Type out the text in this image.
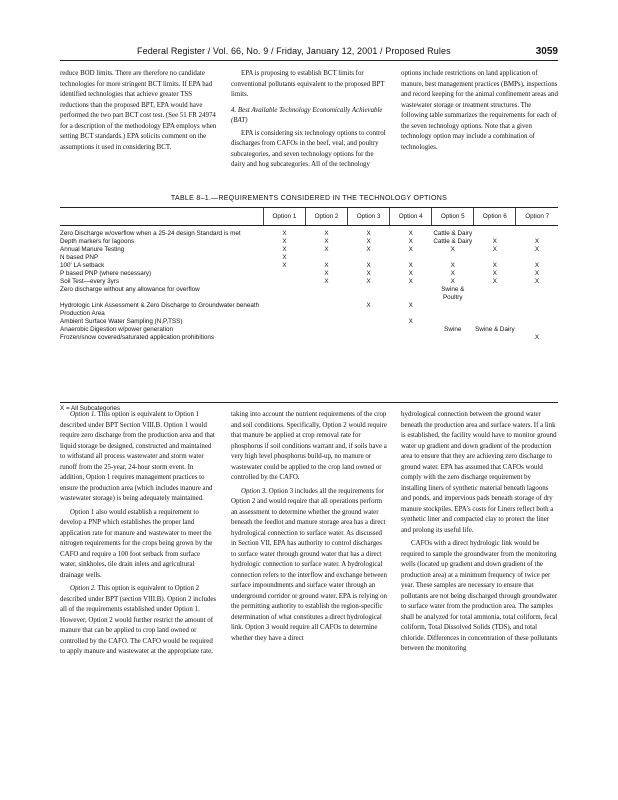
Federal Register / Vol. 66, No. 9 / Friday, January 12, 2001 / Proposed Rules	3059

reduce BOD limits. There are therefore no candidate technologies for more stringent BCT limits. If EPA had identified technologies that achieve greater TSS reductions than the proposed BPT, EPA would have performed the two part BCT cost test. (See 51 FR 24974 for a description of the methodology EPA employs when setting BCT standards.) EPA solicits comment on the assumptions it used in considering BCT.

EPA is proposing to establish BCT limits for conventional pollutants equivalent to the proposed BPT limits.

4. Best Available Technology Economically Achievable (BAT)

EPA is considering six technology options to control discharges from CAFOs in the beef, veal, and poultry subcategories, and seven technology options for the dairy and hog subcategories. All of the technology

options include restrictions on land application of manure, best management practices (BMPs), inspections and record keeping for the animal confinement areas and wastewater storage or treatment structures. The following table summarizes the requirements for each of the seven technology options. Note that a given technology option may include a combination of technologies.

TABLE 8–1.—REQUIREMENTS CONSIDERED IN THE TECHNOLOGY OPTIONS
	Option 1	Option 2	Option 3	Option 4	Option 5	Option 6	Option 7

Zero Discharge w/overflow when a 25-24 design Standard is met	X	X	X	X	Cattle & Dairy		
Depth markers for lagoons	X	X	X	X	Cattle & Dairy	X	X
Annual Manure Testing	X	X	X	X	X	X	X
N based PNP	X						
100' LA setback	X	X	X	X	X	X	X
P based PNP (where necessary)		X	X	X	X	X	X
Soil Test—every 3yrs		X	X	X	X	X	X
Zero discharge without any allowance for overflow					Swine & Poultry		
Hydrologic Link Assessment & Zero Discharge to Groundwater beneath Production Area			X	X			
Ambient Surface Water Sampling (N,P,TSS)				X			
Anaerobic Digestion w/power generation					Swine	Swine & Dairy	
Frozen/snow covered/saturated application prohibitions							X
X = All Subcategories

Option 1. This option is equivalent to Option 1 described under BPT Section VIII.B. Option 1 would require zero discharge from the production area and that liquid storage be designed, constructed and maintained to withstand all process wastewater and storm water runoff from the 25-year, 24-hour storm event. In addition, Option 1 requires management practices to ensure the production area (which includes manure and wastewater storage) is being adequately maintained.

Option 1 also would establish a requirement to develop a PNP which establishes the proper land application rate for manure and wastewater to meet the nitrogen requirements for the crops being grown by the CAFO and require a 100 foot setback from surface water, sinkholes, tile drain inlets and agricultural drainage wells.

Option 2. This option is equivalent to Option 2 described under BPT (section VIII.B). Option 2 includes all of the requirements established under Option 1. However, Option 2 would further restrict the amount of manure that can be applied to crop land owned or controlled by the CAFO. The CAFO would be required to apply manure and wastewater at the appropriate rate,

taking into account the nutrient requirements of the crop and soil conditions. Specifically, Option 2 would require that manure be applied at crop removal rate for phosphorus if soil conditions warrant and, if soils have a very high level phosphorus build-up, no manure or wastewater could be applied to the crop land owned or controlled by the CAFO.

Option 3. Option 3 includes all the requirements for Option 2 and would require that all operations perform an assessment to determine whether the ground water beneath the feedlot and manure storage area has a direct hydrological connection to surface water. As discussed in Section VII, EPA has authority to control discharges to surface water through ground water that has a direct hydrologic connection to surface water. A hydrological connection refers to the interflow and exchange between surface impoundments and surface water through an underground corridor or ground water. EPA is relying on the permitting authority to establish the region-specific determination of what constitutes a direct hydrological link. Option 3 would require all CAFOs to determine whether they have a direct

hydrological connection between the ground water beneath the production area and surface waters. If a link is established, the facility would have to monitor ground water up gradient and down gradient of the production area to ensure that they are achieving zero discharge to ground water. EPA has assumed that CAFOs would comply with the zero discharge requirement by installing liners of synthetic material beneath lagoons and ponds, and impervious pads beneath storage of dry manure stockpiles. EPA's costs for Liners reflect both a synthetic liner and compacted clay to protect the liner and prolong its useful life.

CAFOs with a direct hydrologic link would be required to sample the groundwater from the monitoring wells (located up gradient and down gradient of the production area) at a minimum frequency of twice per year. These samples are necessary to ensure that pollutants are not being discharged through groundwater to surface water from the production area. The samples shall be analyzed for total ammonia, total coliform, fecal coliform, Total Dissolved Solids (TDS), and total chloride. Differences in concentration of these pollutants between the monitoring
